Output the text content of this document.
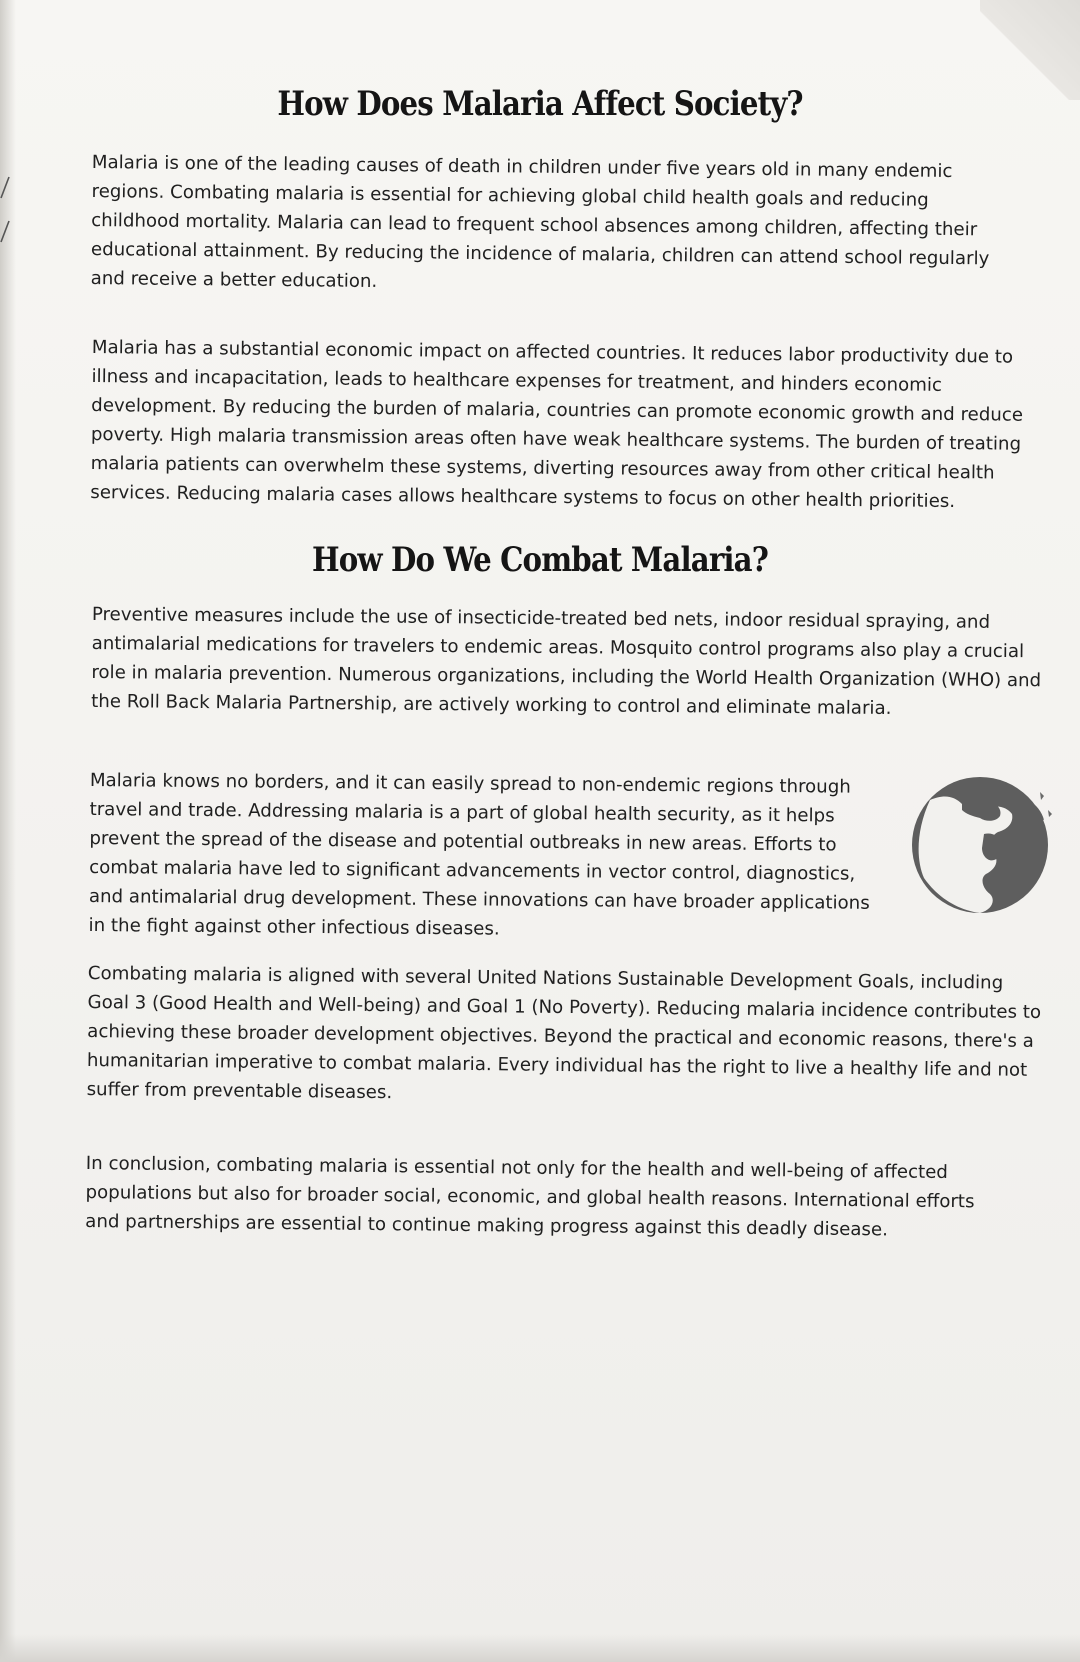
How Does Malaria Affect Society?

Malaria is one of the leading causes of death in children under five years old in many endemic regions. Combating malaria is essential for achieving global child health goals and reducing childhood mortality. Malaria can lead to frequent school absences among children, affecting their educational attainment. By reducing the incidence of malaria, children can attend school regularly and receive a better education.

Malaria has a substantial economic impact on affected countries. It reduces labor productivity due to illness and incapacitation, leads to healthcare expenses for treatment, and hinders economic development. By reducing the burden of malaria, countries can promote economic growth and reduce poverty. High malaria transmission areas often have weak healthcare systems. The burden of treating malaria patients can overwhelm these systems, diverting resources away from other critical health services. Reducing malaria cases allows healthcare systems to focus on other health priorities.

How Do We Combat Malaria?

Preventive measures include the use of insecticide-treated bed nets, indoor residual spraying, and antimalarial medications for travelers to endemic areas. Mosquito control programs also play a crucial role in malaria prevention. Numerous organizations, including the World Health Organization (WHO) and the Roll Back Malaria Partnership, are actively working to control and eliminate malaria.

Malaria knows no borders, and it can easily spread to non-endemic regions through travel and trade. Addressing malaria is a part of global health security, as it helps prevent the spread of the disease and potential outbreaks in new areas. Efforts to combat malaria have led to significant advancements in vector control, diagnostics, and antimalarial drug development. These innovations can have broader applications in the fight against other infectious diseases.

Combating malaria is aligned with several United Nations Sustainable Development Goals, including Goal 3 (Good Health and Well-being) and Goal 1 (No Poverty). Reducing malaria incidence contributes to achieving these broader development objectives. Beyond the practical and economic reasons, there's a humanitarian imperative to combat malaria. Every individual has the right to live a healthy life and not suffer from preventable diseases.

In conclusion, combating malaria is essential not only for the health and well-being of affected populations but also for broader social, economic, and global health reasons. International efforts and partnerships are essential to continue making progress against this deadly disease.
